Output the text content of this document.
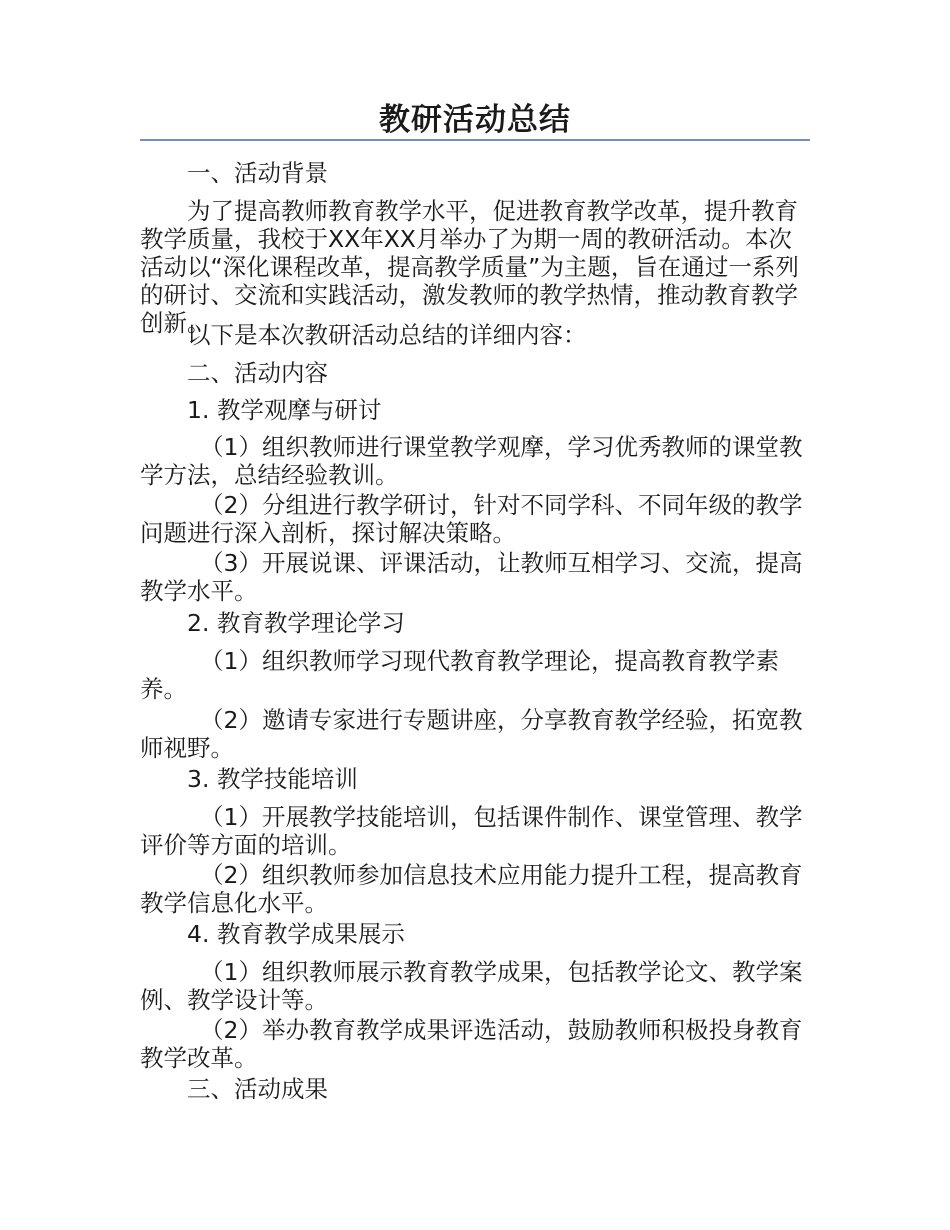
教研活动总结

一、活动背景

为了提高教师教育教学水平，促进教育教学改革，提升教育教学质量，我校于XX年XX月举办了为期一周的教研活动。本次活动以“深化课程改革，提高教学质量”为主题，旨在通过一系列的研讨、交流和实践活动，激发教师的教学热情，推动教育教学创新。

以下是本次教研活动总结的详细内容：

二、活动内容

1. 教学观摩与研讨

（1）组织教师进行课堂教学观摩，学习优秀教师的课堂教学方法，总结经验教训。

（2）分组进行教学研讨，针对不同学科、不同年级的教学问题进行深入剖析，探讨解决策略。

（3）开展说课、评课活动，让教师互相学习、交流，提高教学水平。

2. 教育教学理论学习

（1）组织教师学习现代教育教学理论，提高教育教学素养。

（2）邀请专家进行专题讲座，分享教育教学经验，拓宽教师视野。

3. 教学技能培训

（1）开展教学技能培训，包括课件制作、课堂管理、教学评价等方面的培训。

（2）组织教师参加信息技术应用能力提升工程，提高教育教学信息化水平。

4. 教育教学成果展示

（1）组织教师展示教育教学成果，包括教学论文、教学案例、教学设计等。

（2）举办教育教学成果评选活动，鼓励教师积极投身教育教学改革。

三、活动成果
